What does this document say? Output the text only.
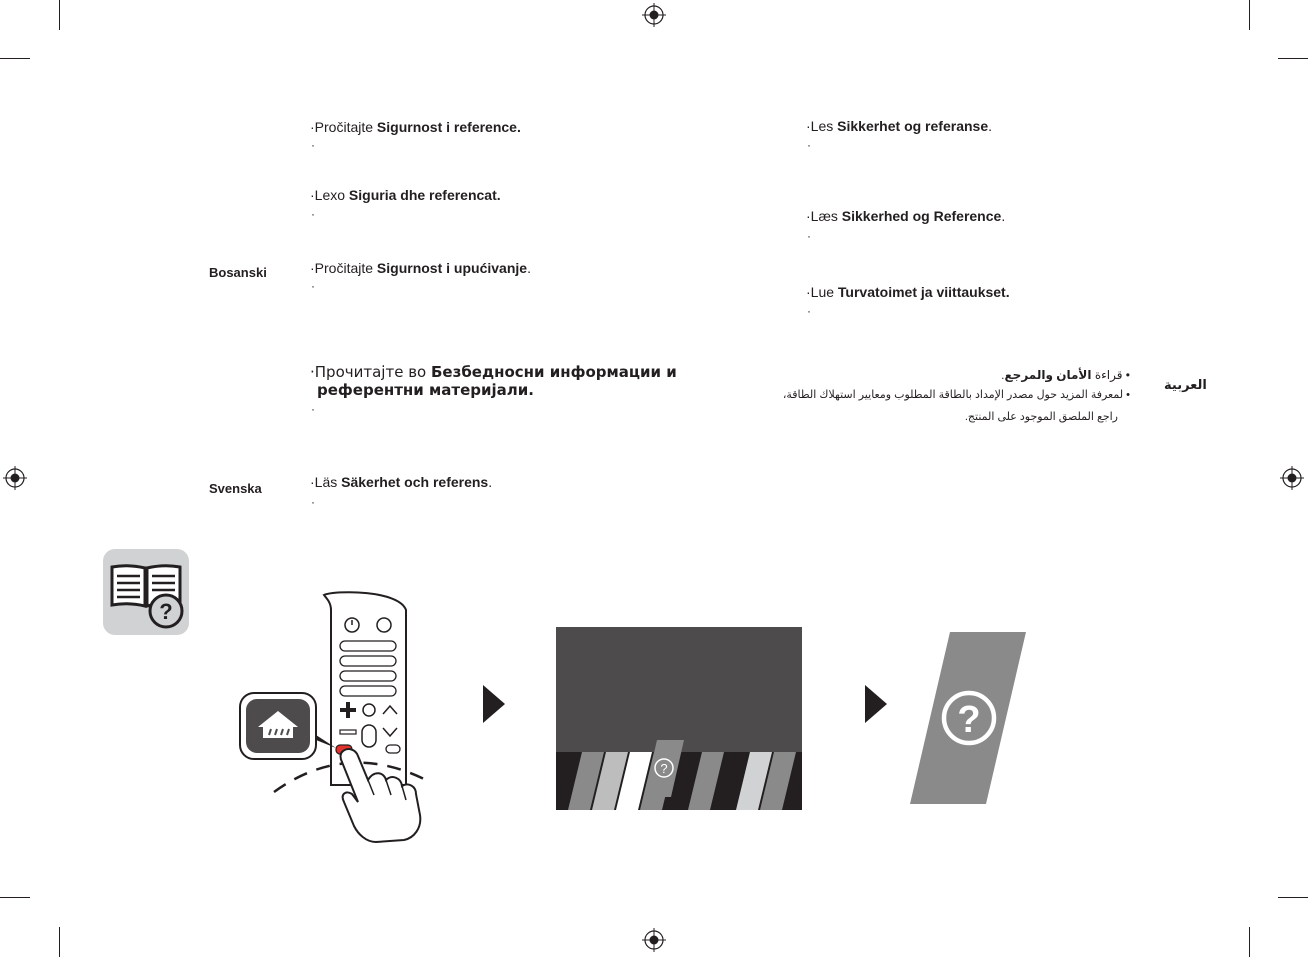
Bosanski
Svenska
العربية
·Pročitajte Sigurnost i reference.
·
·Lexo Siguria dhe referencat.
·
·Pročitajte Sigurnost i upućivanje.
·
·Прочитајте во Безбедносни информации и
референтни материјали.
·
·Läs Säkerhet och referens.
·
·Les Sikkerhet og referanse.
·
·Læs Sikkerhed og Reference.
·
·Lue Turvatoimet ja viittaukset.
·
• قراءة الأمان والمرجع.
• لمعرفة المزيد حول مصدر الإمداد بالطاقة المطلوب ومعايير استهلاك الطاقة،
راجع الملصق الموجود على المنتج.
?
?
?
